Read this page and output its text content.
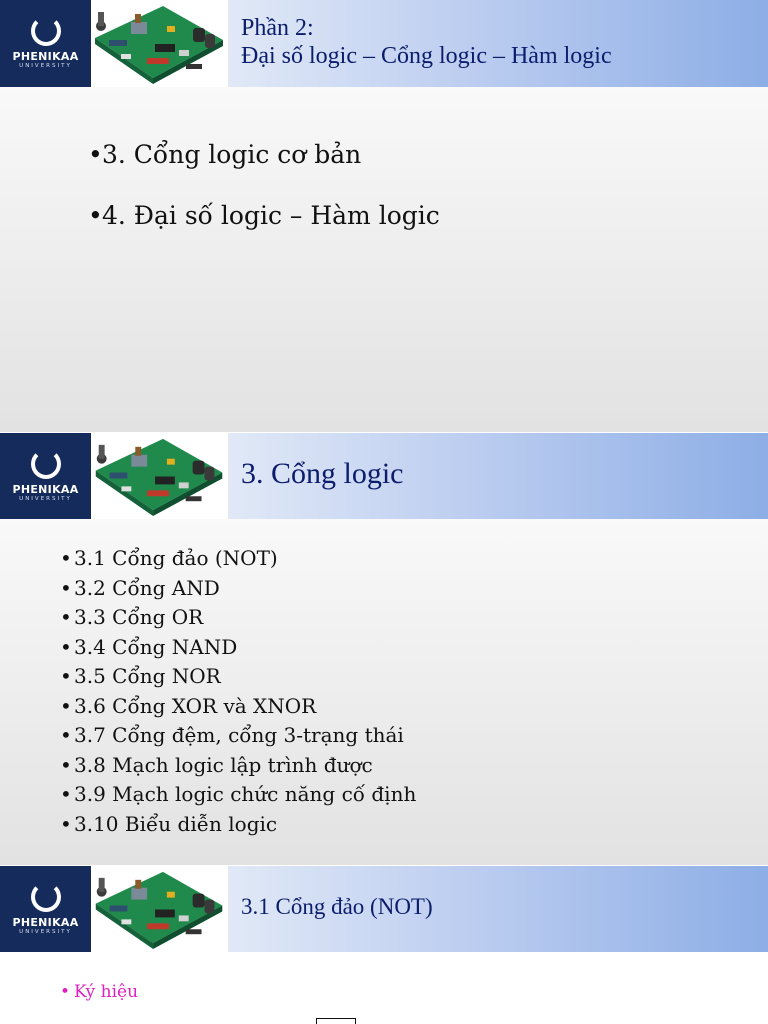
PHENIKAA
UNIVERSITY
Phần 2:
Đại số logic – Cổng logic – Hàm logic
• 3. Cổng logic cơ bản
• 4. Đại số logic – Hàm logic
PHENIKAA
UNIVERSITY
3. Cổng logic
• 3.1 Cổng đảo (NOT)
• 3.2 Cổng AND
• 3.3 Cổng OR
• 3.4 Cổng NAND
• 3.5 Cổng NOR
• 3.6 Cổng XOR và XNOR
• 3.7 Cổng đệm, cổng 3-trạng thái
• 3.8 Mạch logic lập trình được
• 3.9 Mạch logic chức năng cố định
• 3.10 Biểu diễn logic
PHENIKAA
UNIVERSITY
3.1 Cổng đảo (NOT)
• Ký hiệu
